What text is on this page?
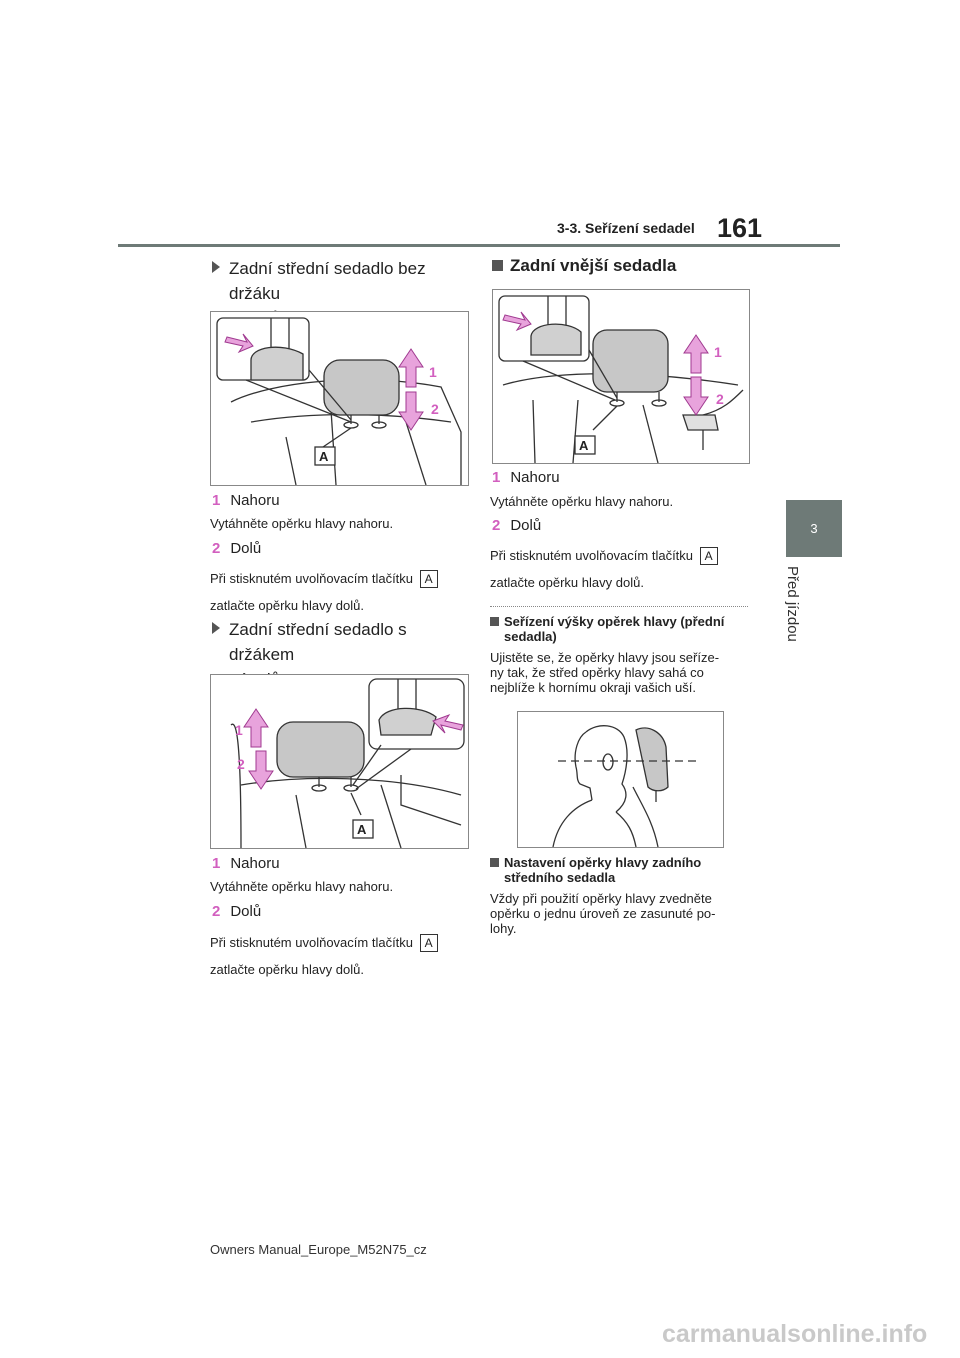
3-3. Seřízení sedadel 161
3
Před jízdou
Zadní střední sedadlo bez držáku

1
2
A
1 Nahoru
Vytáhněte opěrku hlavy nahoru.
2 Dolů
Při stisknutém uvolňovacím tlačítku A
zatlačte opěrku hlavy dolů.
Zadní střední sedadlo s držákem

1
2
A
1 Nahoru
Vytáhněte opěrku hlavy nahoru.
2 Dolů
Při stisknutém uvolňovacím tlačítku A
zatlačte opěrku hlavy dolů.
Zadní vnější sedadla
1
2
A
1 Nahoru
Vytáhněte opěrku hlavy nahoru.
2 Dolů
Při stisknutém uvolňovacím tlačítku A
zatlačte opěrku hlavy dolů.
Seřízení výšky opěrek hlavy (přední
sedadla)
Ujistěte se, že opěrky hlavy jsou seříze-
ny tak, že střed opěrky hlavy sahá co
nejblíže k hornímu okraji vašich uší.
Nastavení opěrky hlavy zadního
středního sedadla
Vždy při použití opěrky hlavy zvedněte
opěrku o jednu úroveň ze zasunuté po-
lohy.
Owners Manual_Europe_M52N75_cz
carmanualsonline.info
